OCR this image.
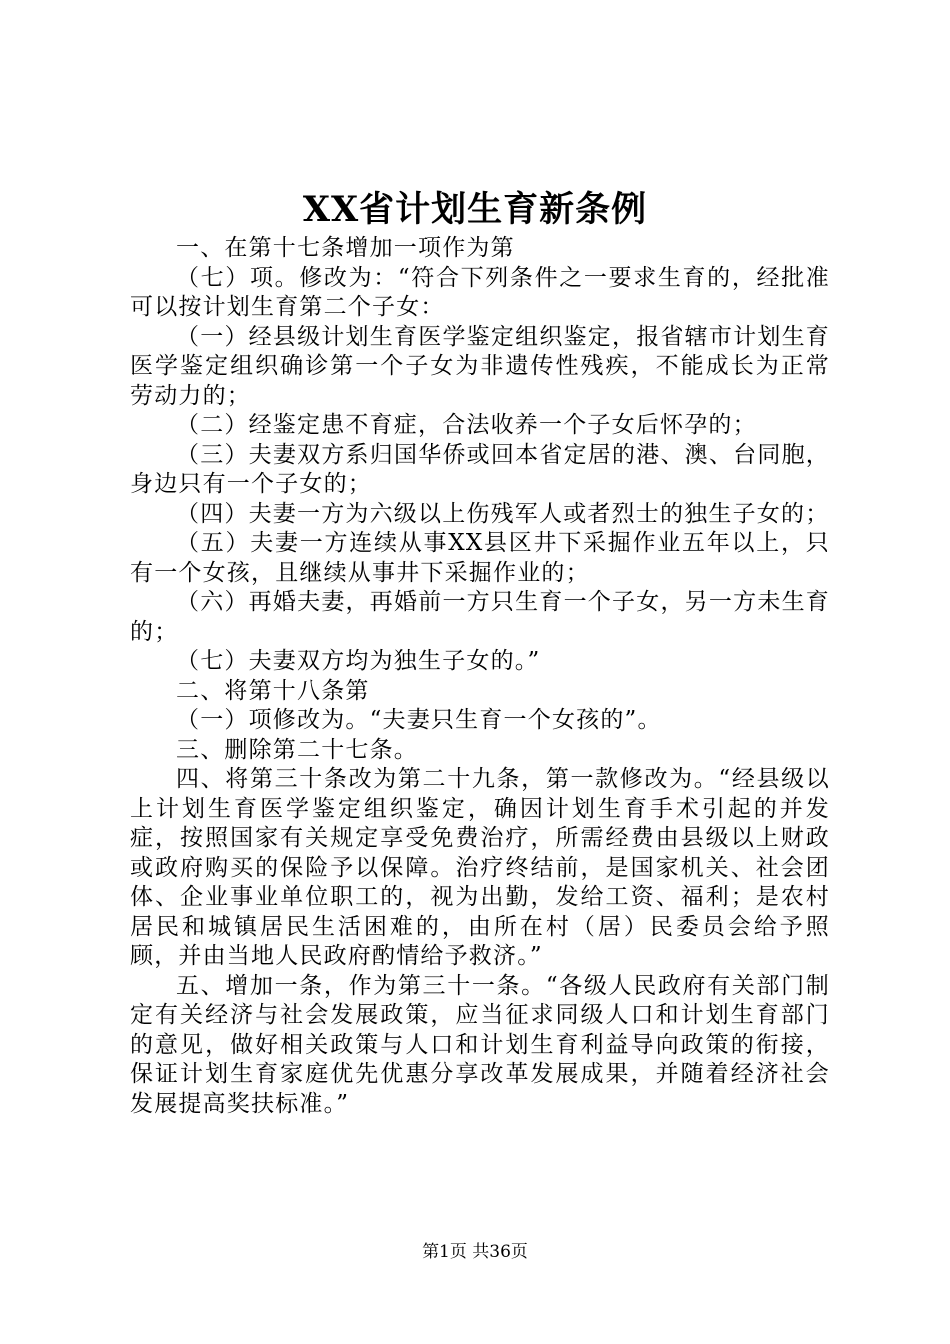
XX省计划生育新条例

一、在第十七条增加一项作为第

（七）项。修改为：“符合下列条件之一要求生育的，经批准可以按计划生育第二个子女：

（一）经县级计划生育医学鉴定组织鉴定，报省辖市计划生育医学鉴定组织确诊第一个子女为非遗传性残疾，不能成长为正常劳动力的；

（二）经鉴定患不育症，合法收养一个子女后怀孕的；

（三）夫妻双方系归国华侨或回本省定居的港、澳、台同胞，身边只有一个子女的；

（四）夫妻一方为六级以上伤残军人或者烈士的独生子女的；

（五）夫妻一方连续从事XX县区井下采掘作业五年以上，只有一个女孩，且继续从事井下采掘作业的；

（六）再婚夫妻，再婚前一方只生育一个子女，另一方未生育的；

（七）夫妻双方均为独生子女的。”

二、将第十八条第

（一）项修改为。“夫妻只生育一个女孩的”。

三、删除第二十七条。

四、将第三十条改为第二十九条，第一款修改为。“经县级以上计划生育医学鉴定组织鉴定，确因计划生育手术引起的并发症，按照国家有关规定享受免费治疗，所需经费由县级以上财政或政府购买的保险予以保障。治疗终结前，是国家机关、社会团体、企业事业单位职工的，视为出勤，发给工资、福利；是农村居民和城镇居民生活困难的，由所在村（居）民委员会给予照顾，并由当地人民政府酌情给予救济。”

五、增加一条，作为第三十一条。“各级人民政府有关部门制定有关经济与社会发展政策，应当征求同级人口和计划生育部门的意见，做好相关政策与人口和计划生育利益导向政策的衔接，保证计划生育家庭优先优惠分享改革发展成果，并随着经济社会发展提高奖扶标准。”

第1页 共36页
